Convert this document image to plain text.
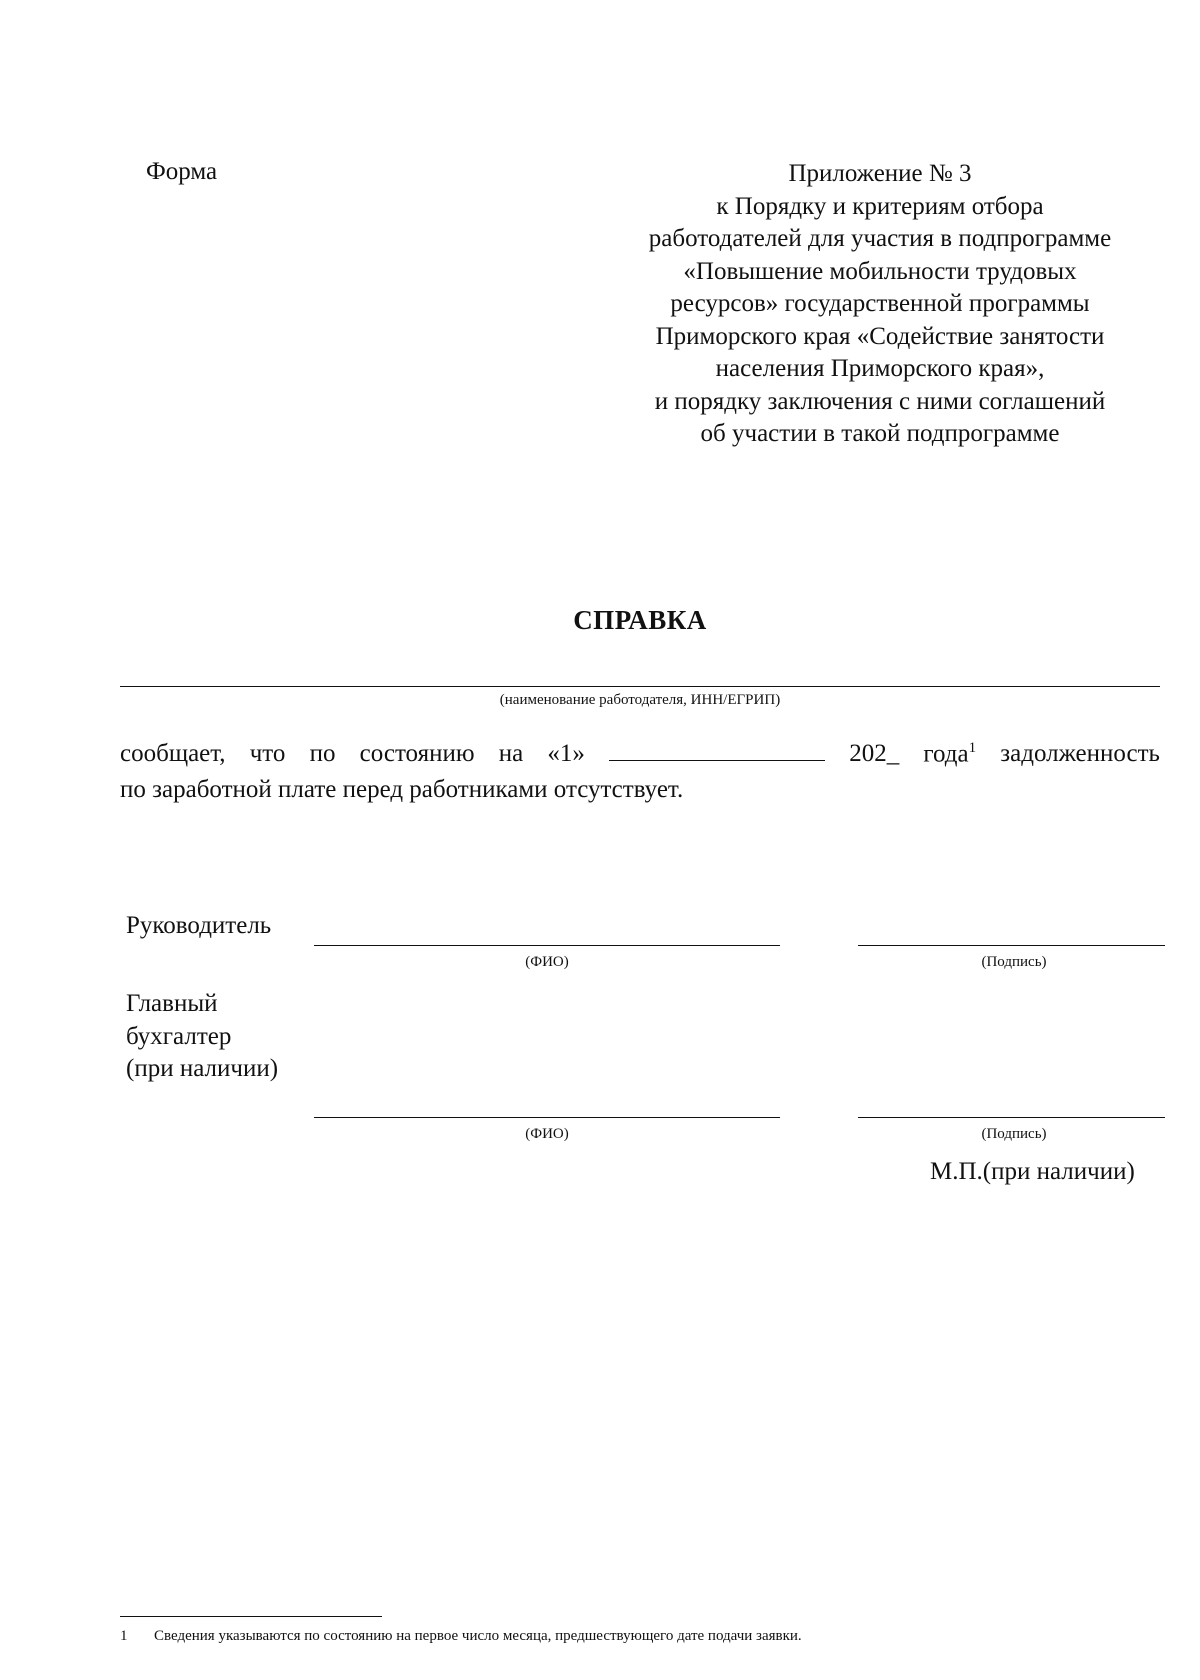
Форма	Приложение № 3
к Порядку и критериям отбора
работодателей для участия в подпрограмме
«Повышение мобильности трудовых
ресурсов» государственной программы
Приморского края «Содействие занятости
населения Приморского края»,
и порядку заключения с ними соглашений
об участии в такой подпрограмме
СПРАВКА
(наименование работодателя, ИНН/ЕГРИП)
сообщает, что по состоянию на «1»	202_ года$^1$ задолженность
по заработной плате перед работниками отсутствует.
Руководитель
(ФИО)	(Подпись)
Главный
бухгалтер
(при наличии)
(ФИО)	(Подпись)
М.П.(при наличии)
1 Сведения указываются по состоянию на первое число месяца, предшествующего дате подачи заявки.
